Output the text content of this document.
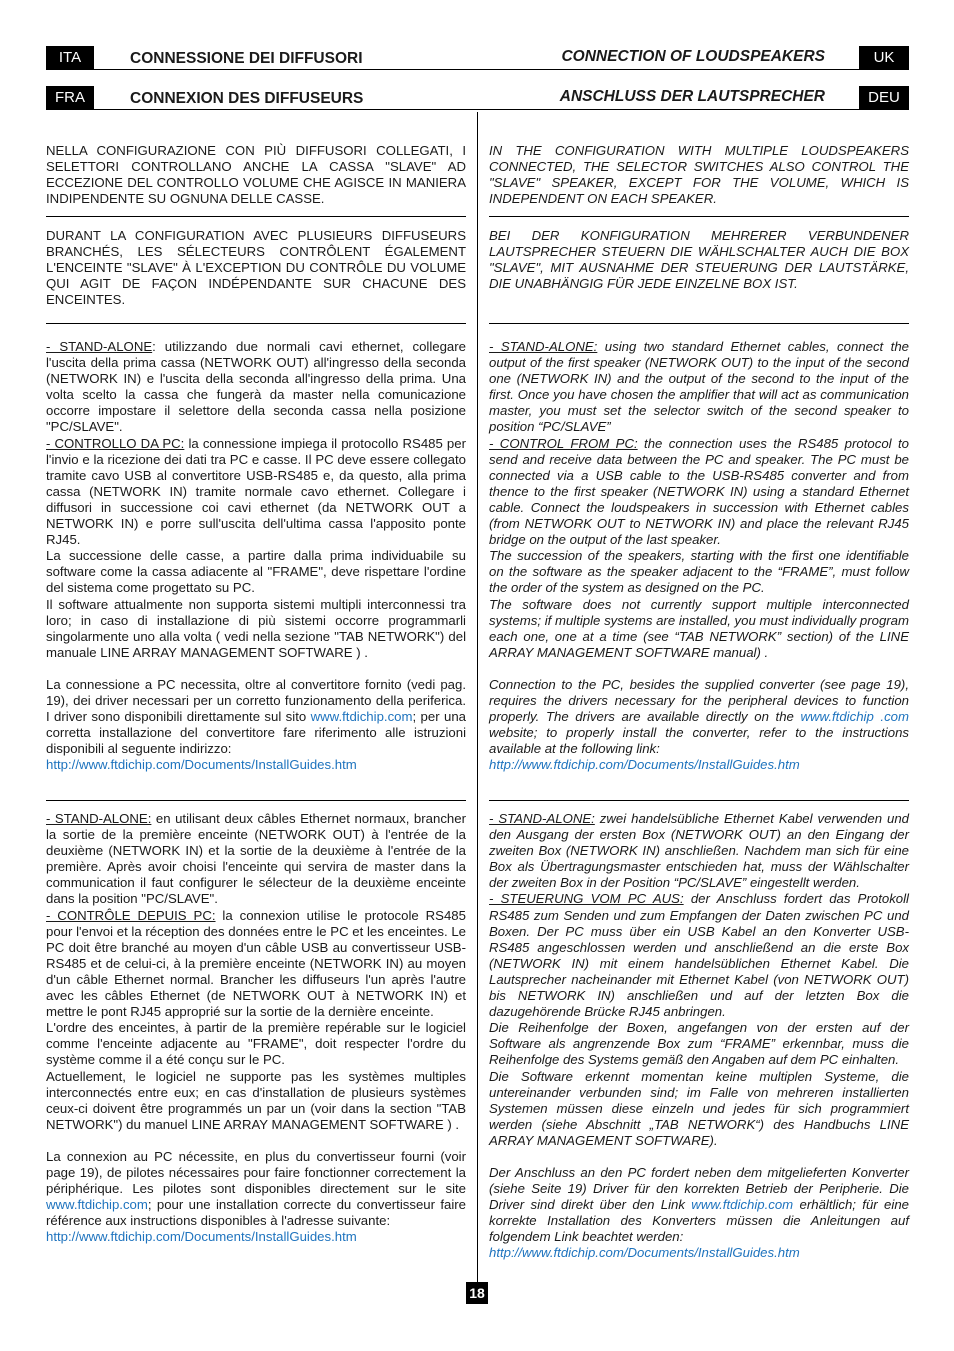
ITA	CONNESSIONE DEI DIFFUSORI	CONNECTION OF LOUDSPEAKERS	UK
FRA	CONNEXION DES DIFFUSEURS	ANSCHLUSS DER LAUTSPRECHER	DEU

NELLA CONFIGURAZIONE CON PIÙ DIFFUSORI COLLEGATI, I SELETTORI CONTROLLANO ANCHE LA CASSA "SLAVE" AD ECCEZIONE DEL CONTROLLO VOLUME CHE AGISCE IN MANIERA INDIPENDENTE SU OGNUNA DELLE CASSE.

DURANT LA CONFIGURATION AVEC PLUSIEURS DIFFUSEURS BRANCHÉS, LES SÉLECTEURS CONTRÔLENT ÉGALEMENT L'ENCEINTE "SLAVE" À L'EXCEPTION DU CONTRÔLE DU VOLUME QUI AGIT DE FAÇON INDÉPENDANTE SUR CHACUNE DES ENCEINTES.

IN THE CONFIGURATION WITH MULTIPLE LOUDSPEAKERS CONNECTED, THE SELECTOR SWITCHES ALSO CONTROL THE "SLAVE" SPEAKER, EXCEPT FOR THE VOLUME, WHICH IS INDEPENDENT ON EACH SPEAKER.

BEI DER KONFIGURATION MEHRERER VERBUNDENER LAUTSPRECHER STEUERN DIE WÄHLSCHALTER AUCH DIE BOX "SLAVE", MIT AUSNAHME DER STEUERUNG DER LAUTSTÄRKE, DIE UNABHÄNGIG FÜR JEDE EINZELNE BOX IST.

- STAND-ALONE: utilizzando due normali cavi ethernet, collegare l'uscita della prima cassa (NETWORK OUT) all'ingresso della seconda (NETWORK IN) e l'uscita della seconda all'ingresso della prima. Una volta scelto la cassa che fungerà da master nella comunicazione occorre impostare il selettore della seconda cassa nella posizione "PC/SLAVE".

- CONTROLLO DA PC: la connessione impiega il protocollo RS485 per l'invio e la ricezione dei dati tra PC e casse. Il PC deve essere collegato tramite cavo USB al convertitore USB-RS485 e, da questo, alla prima cassa (NETWORK IN) tramite normale cavo ethernet. Collegare i diffusori in successione coi cavi ethernet (da NETWORK OUT a NETWORK IN) e porre sull'uscita dell'ultima cassa l'apposito ponte RJ45.

La successione delle casse, a partire dalla prima individuabile su software come la cassa adiacente al "FRAME", deve rispettare l'ordine del sistema come progettato su PC.

Il software attualmente non supporta sistemi multipli interconnessi tra loro; in caso di installazione di più sistemi occorre programmarli singolarmente uno alla volta ( vedi nella sezione "TAB NETWORK") del manuale LINE ARRAY MANAGEMENT SOFTWARE ) .

La connessione a PC necessita, oltre al convertitore fornito (vedi pag. 19), dei driver necessari per un corretto funzionamento della periferica. I driver sono disponibili direttamente sul sito www.ftdichip.com; per una corretta installazione del convertitore fare riferimento alle istruzioni disponibili al seguente indirizzo:

http://www.ftdichip.com/Documents/InstallGuides.htm

- STAND-ALONE: using two standard Ethernet cables, connect the output of the first speaker (NETWORK OUT) to the input of the second one (NETWORK IN) and the output of the second to the input of the first. Once you have chosen the amplifier that will act as communication master, you must set the selector switch of the second speaker to position “PC/SLAVE”

- CONTROL FROM PC: the connection uses the RS485 protocol to send and receive data between the PC and speaker. The PC must be connected via a USB cable to the USB-RS485 converter and from thence to the first speaker (NETWORK IN) using a standard Ethernet cable. Connect the loudspeakers in succession with Ethernet cables (from NETWORK OUT to NETWORK IN) and place the relevant RJ45 bridge on the output of the last speaker.

The succession of the speakers, starting with the first one identifiable on the software as the speaker adjacent to the “FRAME”, must follow the order of the system as designed on the PC.

The software does not currently support multiple interconnected systems; if multiple systems are installed, you must individually program each one, one at a time (see “TAB NETWORK” section) of the LINE ARRAY MANAGEMENT SOFTWARE manual) .

Connection to the PC, besides the supplied converter (see page 19), requires the drivers necessary for the peripheral devices to function properly. The drivers are available directly on the www.ftdichip .com website; to properly install the converter, refer to the instructions available at the following link:

http://www.ftdichip.com/Documents/InstallGuides.htm

- STAND-ALONE: en utilisant deux câbles Ethernet normaux, brancher la sortie de la première enceinte (NETWORK OUT) à l'entrée de la deuxième (NETWORK IN) et la sortie de la deuxième à l'entrée de la première. Après avoir choisi l'enceinte qui servira de master dans la communication il faut configurer le sélecteur de la deuxième enceinte dans la position "PC/SLAVE".

- CONTRÔLE DEPUIS PC: la connexion utilise le protocole RS485 pour l'envoi et la réception des données entre le PC et les enceintes. Le PC doit être branché au moyen d'un câble USB au convertisseur USB-RS485 et de celui-ci, à la première enceinte (NETWORK IN) au moyen d'un câble Ethernet normal. Brancher les diffuseurs l'un après l'autre avec les câbles Ethernet (de NETWORK OUT à NETWORK IN) et mettre le pont RJ45 approprié sur la sortie de la dernière enceinte.

L'ordre des enceintes, à partir de la première repérable sur le logiciel comme l'enceinte adjacente au "FRAME", doit respecter l'ordre du système comme il a été conçu sur le PC.

Actuellement, le logiciel ne supporte pas les systèmes multiples interconnectés entre eux; en cas d'installation de plusieurs systèmes ceux-ci doivent être programmés un par un (voir dans la section "TAB NETWORK") du manuel LINE ARRAY MANAGEMENT SOFTWARE ) .

La connexion au PC nécessite, en plus du convertisseur fourni (voir page 19), de pilotes nécessaires pour faire fonctionner correctement la périphérique. Les pilotes sont disponibles directement sur le site www.ftdichip.com; pour une installation correcte du convertisseur faire référence aux instructions disponibles à l'adresse suivante:

http://www.ftdichip.com/Documents/InstallGuides.htm

- STAND-ALONE: zwei handelsübliche Ethernet Kabel verwenden und den Ausgang der ersten Box (NETWORK OUT) an den Eingang der zweiten Box (NETWORK IN) anschließen. Nachdem man sich für eine Box als Übertragungsmaster entschieden hat, muss der Wählschalter der zweiten Box in der Position “PC/SLAVE” eingestellt werden.

- STEUERUNG VOM PC AUS: der Anschluss fordert das Protokoll RS485 zum Senden und zum Empfangen der Daten zwischen PC und Boxen. Der PC muss über ein USB Kabel an den Konverter USB-RS485 angeschlossen werden und anschließend an die erste Box (NETWORK IN) mit einem handelsüblichen Ethernet Kabel. Die Lautsprecher nacheinander mit Ethernet Kabel (von NETWORK OUT) bis NETWORK IN) anschließen und auf der letzten Box die dazugehörende Brücke RJ45 anbringen.

Die Reihenfolge der Boxen, angefangen von der ersten auf der Software als angrenzende Box zum “FRAME” erkennbar, muss die Reihenfolge des Systems gemäß den Angaben auf dem PC einhalten.

Die Software erkennt momentan keine multiplen Systeme, die untereinander verbunden sind; im Falle von mehreren installierten Systemen müssen diese einzeln und jedes für sich programmiert werden (siehe Abschnitt „TAB NETWORK“) des Handbuchs LINE ARRAY MANAGEMENT SOFTWARE).

Der Anschluss an den PC fordert neben dem mitgelieferten Konverter (siehe Seite 19) Driver für den korrekten Betrieb der Peripherie. Die Driver sind direkt über den Link www.ftdichip.com erhältlich; für eine korrekte Installation des Konverters müssen die Anleitungen auf folgendem Link beachtet werden:

http://www.ftdichip.com/Documents/InstallGuides.htm

18
